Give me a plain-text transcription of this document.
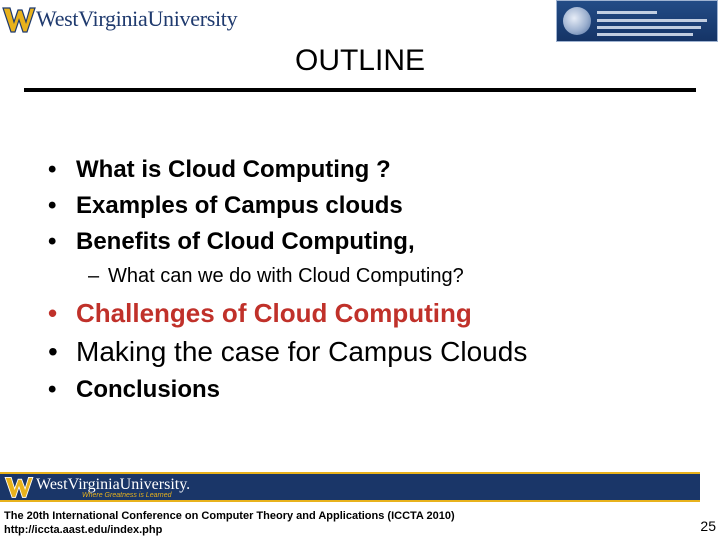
WestVirginiaUniversity
OUTLINE
• What is Cloud Computing ?
• Examples of Campus clouds
• Benefits of Cloud Computing,
– What can we do with Cloud Computing?
• Challenges of Cloud Computing
• Making the case for Campus Clouds
• Conclusions
WestVirginiaUniversity.
Where Greatness is Learned
The 20th International Conference on Computer Theory and Applications (ICCTA 2010)
http://iccta.aast.edu/index.php	25
